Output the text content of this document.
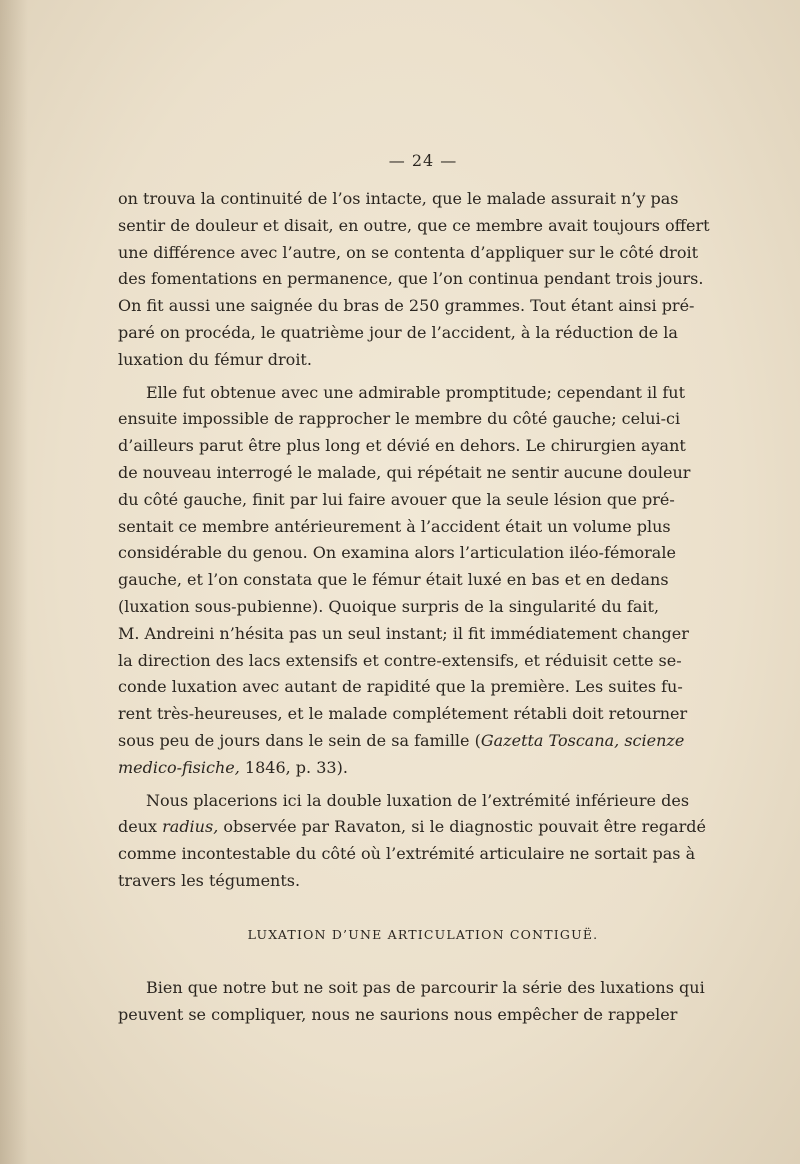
— 24 —

on trouva la continuité de l’os intacte, que le malade assurait n’y pas
sentir de douleur et disait, en outre, que ce membre avait toujours offert
une différence avec l’autre, on se contenta d’appliquer sur le côté droit
des fomentations en permanence, que l’on continua pendant trois jours.
On fit aussi une saignée du bras de 250 grammes. Tout étant ainsi pré-
paré on procéda, le quatrième jour de l’accident, à la réduction de la
luxation du fémur droit.

Elle fut obtenue avec une admirable promptitude; cependant il fut
ensuite impossible de rapprocher le membre du côté gauche; celui-ci
d’ailleurs parut être plus long et dévié en dehors. Le chirurgien ayant
de nouveau interrogé le malade, qui répétait ne sentir aucune douleur
du côté gauche, finit par lui faire avouer que la seule lésion que pré-
sentait ce membre antérieurement à l’accident était un volume plus
considérable du genou. On examina alors l’articulation iléo-fémorale
gauche, et l’on constata que le fémur était luxé en bas et en dedans
(luxation sous-pubienne). Quoique surpris de la singularité du fait,
M. Andreini n’hésita pas un seul instant; il fit immédiatement changer
la direction des lacs extensifs et contre-extensifs, et réduisit cette se-
conde luxation avec autant de rapidité que la première. Les suites fu-
rent très-heureuses, et le malade complétement rétabli doit retourner
sous peu de jours dans le sein de sa famille (Gazetta Toscana, scienze
medico-fisiche, 1846, p. 33).

Nous placerions ici la double luxation de l’extrémité inférieure des
deux radius, observée par Ravaton, si le diagnostic pouvait être regardé
comme incontestable du côté où l’extrémité articulaire ne sortait pas à
travers les téguments.

LUXATION D’UNE ARTICULATION CONTIGUË.

Bien que notre but ne soit pas de parcourir la série des luxations qui
peuvent se compliquer, nous ne saurions nous empêcher de rappeler
